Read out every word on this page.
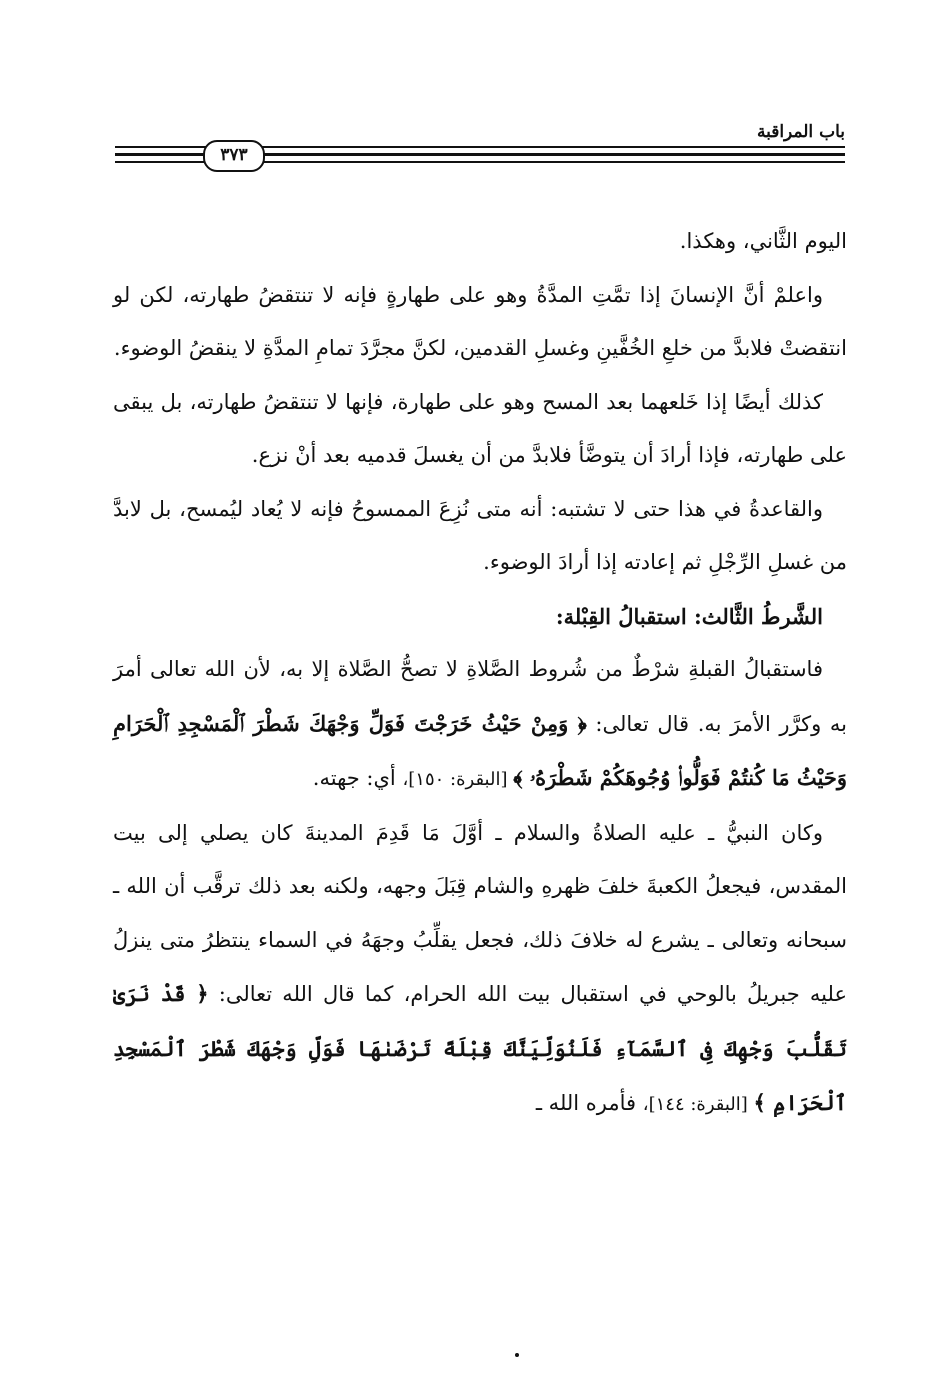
باب المراقبة
٣٧٣

اليوم الثَّاني، وهكذا.

واعلمْ أنَّ الإنسانَ إذا تمَّتِ المدَّةُ وهو على طهارةٍ فإنه لا تنتقضُ طهارته، لكن لو انتقضتْ فلابدَّ من خلعِ الخُفَّينِ وغسلِ القدمين، لكنَّ مجرَّدَ تمامِ المدَّةِ لا ينقضُ الوضوء.

كذلك أيضًا إذا خَلعهما بعد المسح وهو على طهارة، فإنها لا تنتقضُ طهارته، بل يبقى على طهارته، فإذا أرادَ أن يتوضَّأ فلابدَّ من أن يغسلَ قدميه بعد أنْ نزع.

والقاعدةُ في هذا حتى لا تشتبه: أنه متى نُزِعَ الممسوحُ فإنه لا يُعاد ليُمسح، بل لابدَّ من غسلِ الرِّجْلِ ثم إعادته إذا أرادَ الوضوء.

الشَّرطُ الثَّالث: استقبالُ القِبْلة:

فاستقبالُ القبلةِ شرْطٌ من شُروط الصَّلاةِ لا تصحُّ الصَّلاة إلا به، لأن الله تعالى أمرَ به وكرَّر الأمرَ به. قال تعالى: ﴿ وَمِنْ حَيْثُ خَرَجْتَ فَوَلِّ وَجْهَكَ شَطْرَ ٱلْمَسْجِدِ ٱلْحَرَامِ وَحَيْثُ مَا كُنتُمْ فَوَلُّوا۟ وُجُوهَكُمْ شَطْرَهُۥ ﴾ [البقرة: ١٥٠]، أي: جهته.

وكان النبيُّ ـ عليه الصلاةُ والسلام ـ أوَّلَ مَا قَدِمَ المدينةَ كان يصلي إلى بيت المقدس، فيجعلُ الكعبةَ خلفَ ظهرهِ والشام قِبَلَ وجهه، ولكنه بعد ذلك ترقَّب أن الله ـ سبحانه وتعالى ـ يشرع له خلافَ ذلك، فجعل يقلِّبُ وجهَهُ في السماء ينتظرُ متى ينزلُ عليه جبريلُ بالوحي في استقبال بيت الله الحرام، كما قال الله تعالى: ﴿ قَدْ نَرَىٰ تَقَلُّبَ وَجْهِكَ فِى ٱلسَّمَآءِ فَلَنُوَلِّيَنَّكَ قِبْلَةً تَرْضَىٰهَا فَوَلِّ وَجْهَكَ شَطْرَ ٱلْمَسْجِدِ ٱلْحَرَامِ ﴾ [البقرة: ١٤٤]، فأمره الله ـ
